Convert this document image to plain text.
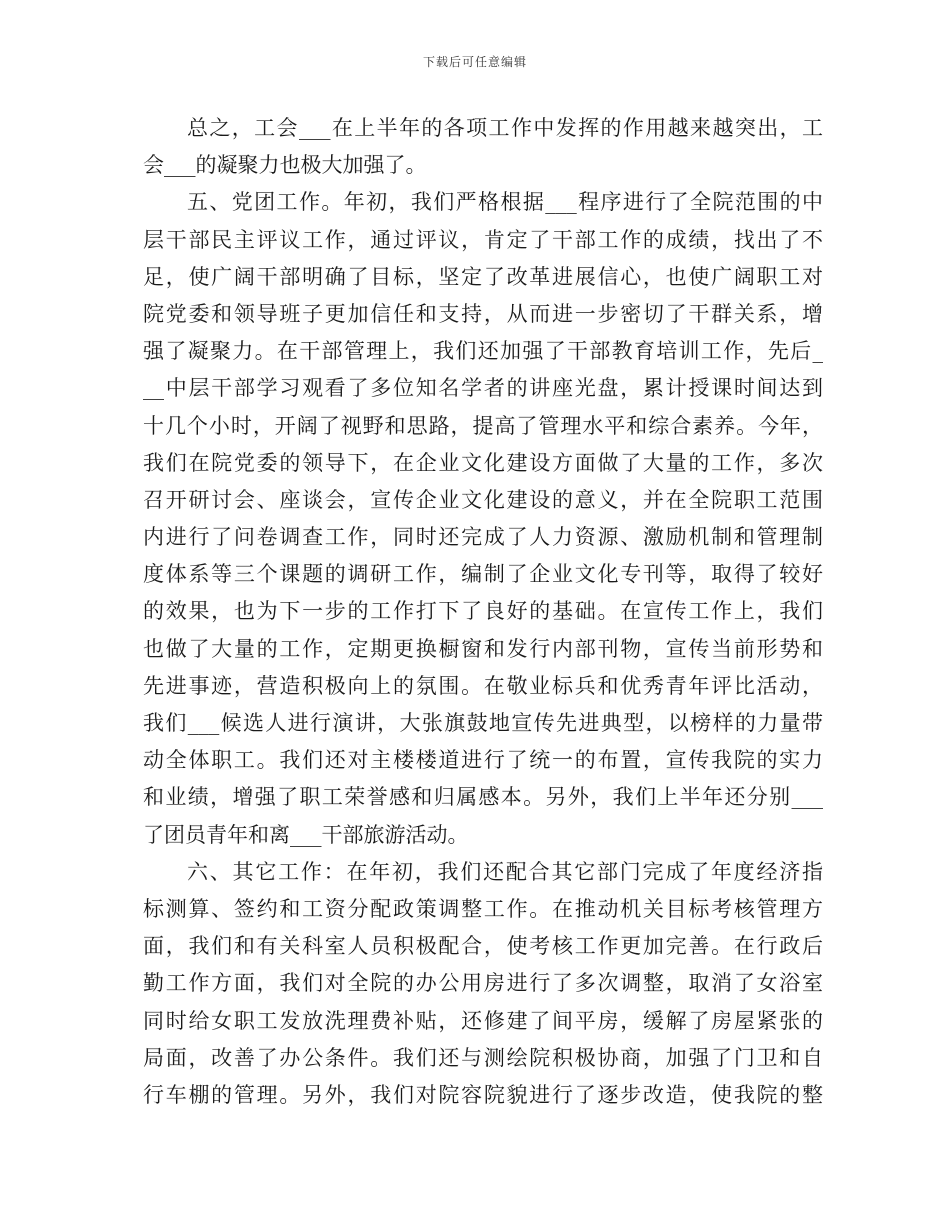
下载后可任意编辑
总之，工会___在上半年的各项工作中发挥的作用越来越突出，工
会___的凝聚力也极大加强了。
五、党团工作。年初，我们严格根据___程序进行了全院范围的中
层干部民主评议工作，通过评议，肯定了干部工作的成绩，找出了不
足，使广阔干部明确了目标，坚定了改革进展信心，也使广阔职工对
院党委和领导班子更加信任和支持，从而进一步密切了干群关系，增
强了凝聚力。在干部管理上，我们还加强了干部教育培训工作，先后_
__中层干部学习观看了多位知名学者的讲座光盘，累计授课时间达到
十几个小时，开阔了视野和思路，提高了管理水平和综合素养。今年，
我们在院党委的领导下，在企业文化建设方面做了大量的工作，多次
召开研讨会、座谈会，宣传企业文化建设的意义，并在全院职工范围
内进行了问卷调查工作，同时还完成了人力资源、激励机制和管理制
度体系等三个课题的调研工作，编制了企业文化专刊等，取得了较好
的效果，也为下一步的工作打下了良好的基础。在宣传工作上，我们
也做了大量的工作，定期更换橱窗和发行内部刊物，宣传当前形势和
先进事迹，营造积极向上的氛围。在敬业标兵和优秀青年评比活动，
我们___候选人进行演讲，大张旗鼓地宣传先进典型，以榜样的力量带
动全体职工。我们还对主楼楼道进行了统一的布置，宣传我院的实力
和业绩，增强了职工荣誉感和归属感本。另外，我们上半年还分别___
了团员青年和离___干部旅游活动。
六、其它工作：在年初，我们还配合其它部门完成了年度经济指
标测算、签约和工资分配政策调整工作。在推动机关目标考核管理方
面，我们和有关科室人员积极配合，使考核工作更加完善。在行政后
勤工作方面，我们对全院的办公用房进行了多次调整，取消了女浴室
同时给女职工发放洗理费补贴，还修建了间平房，缓解了房屋紧张的
局面，改善了办公条件。我们还与测绘院积极协商，加强了门卫和自
行车棚的管理。另外，我们对院容院貌进行了逐步改造，使我院的整
